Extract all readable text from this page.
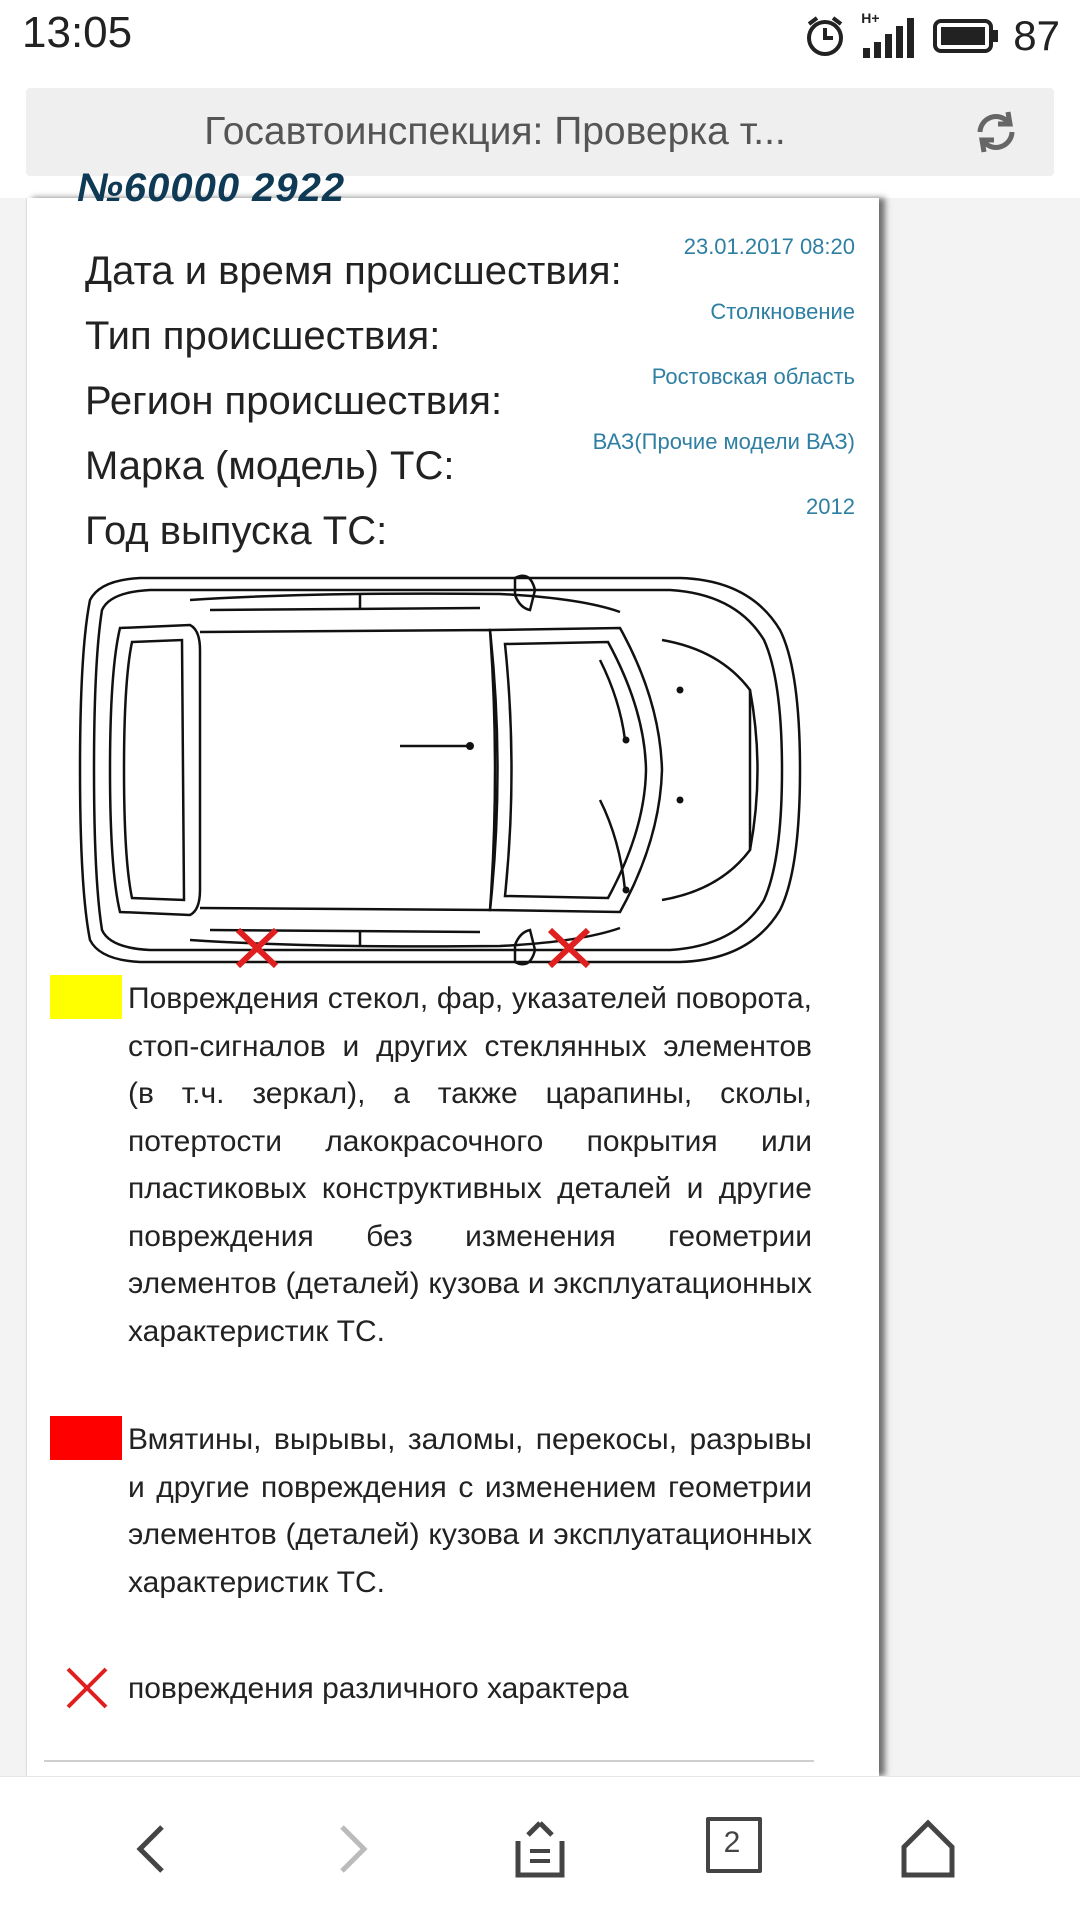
13:05	H+	87
Госавтоинспекция: Проверка т...
№60000 2922
Дата и время происшествия:
23.01.2017 08:20
Тип происшествия:
Столкновение
Регион происшествия:
Ростовская область
Марка (модель) ТС:
ВАЗ(Прочие модели ВАЗ)
Год выпуска ТС:
2012
Повреждения стекол, фар, указателей поворота, стоп-сигналов и других стеклянных элементов (в т.ч. зеркал), а также царапины, сколы, потертости лакокрасочного покрытия или пластиковых конструктивных деталей и другие повреждения без изменения геометрии элементов (деталей) кузова и эксплуатационных характеристик ТС.
Вмятины, вырывы, заломы, перекосы, разрывы и другие повреждения с изменением геометрии элементов (деталей) кузова и эксплуатационных характеристик ТС.
повреждения различного характера
2
